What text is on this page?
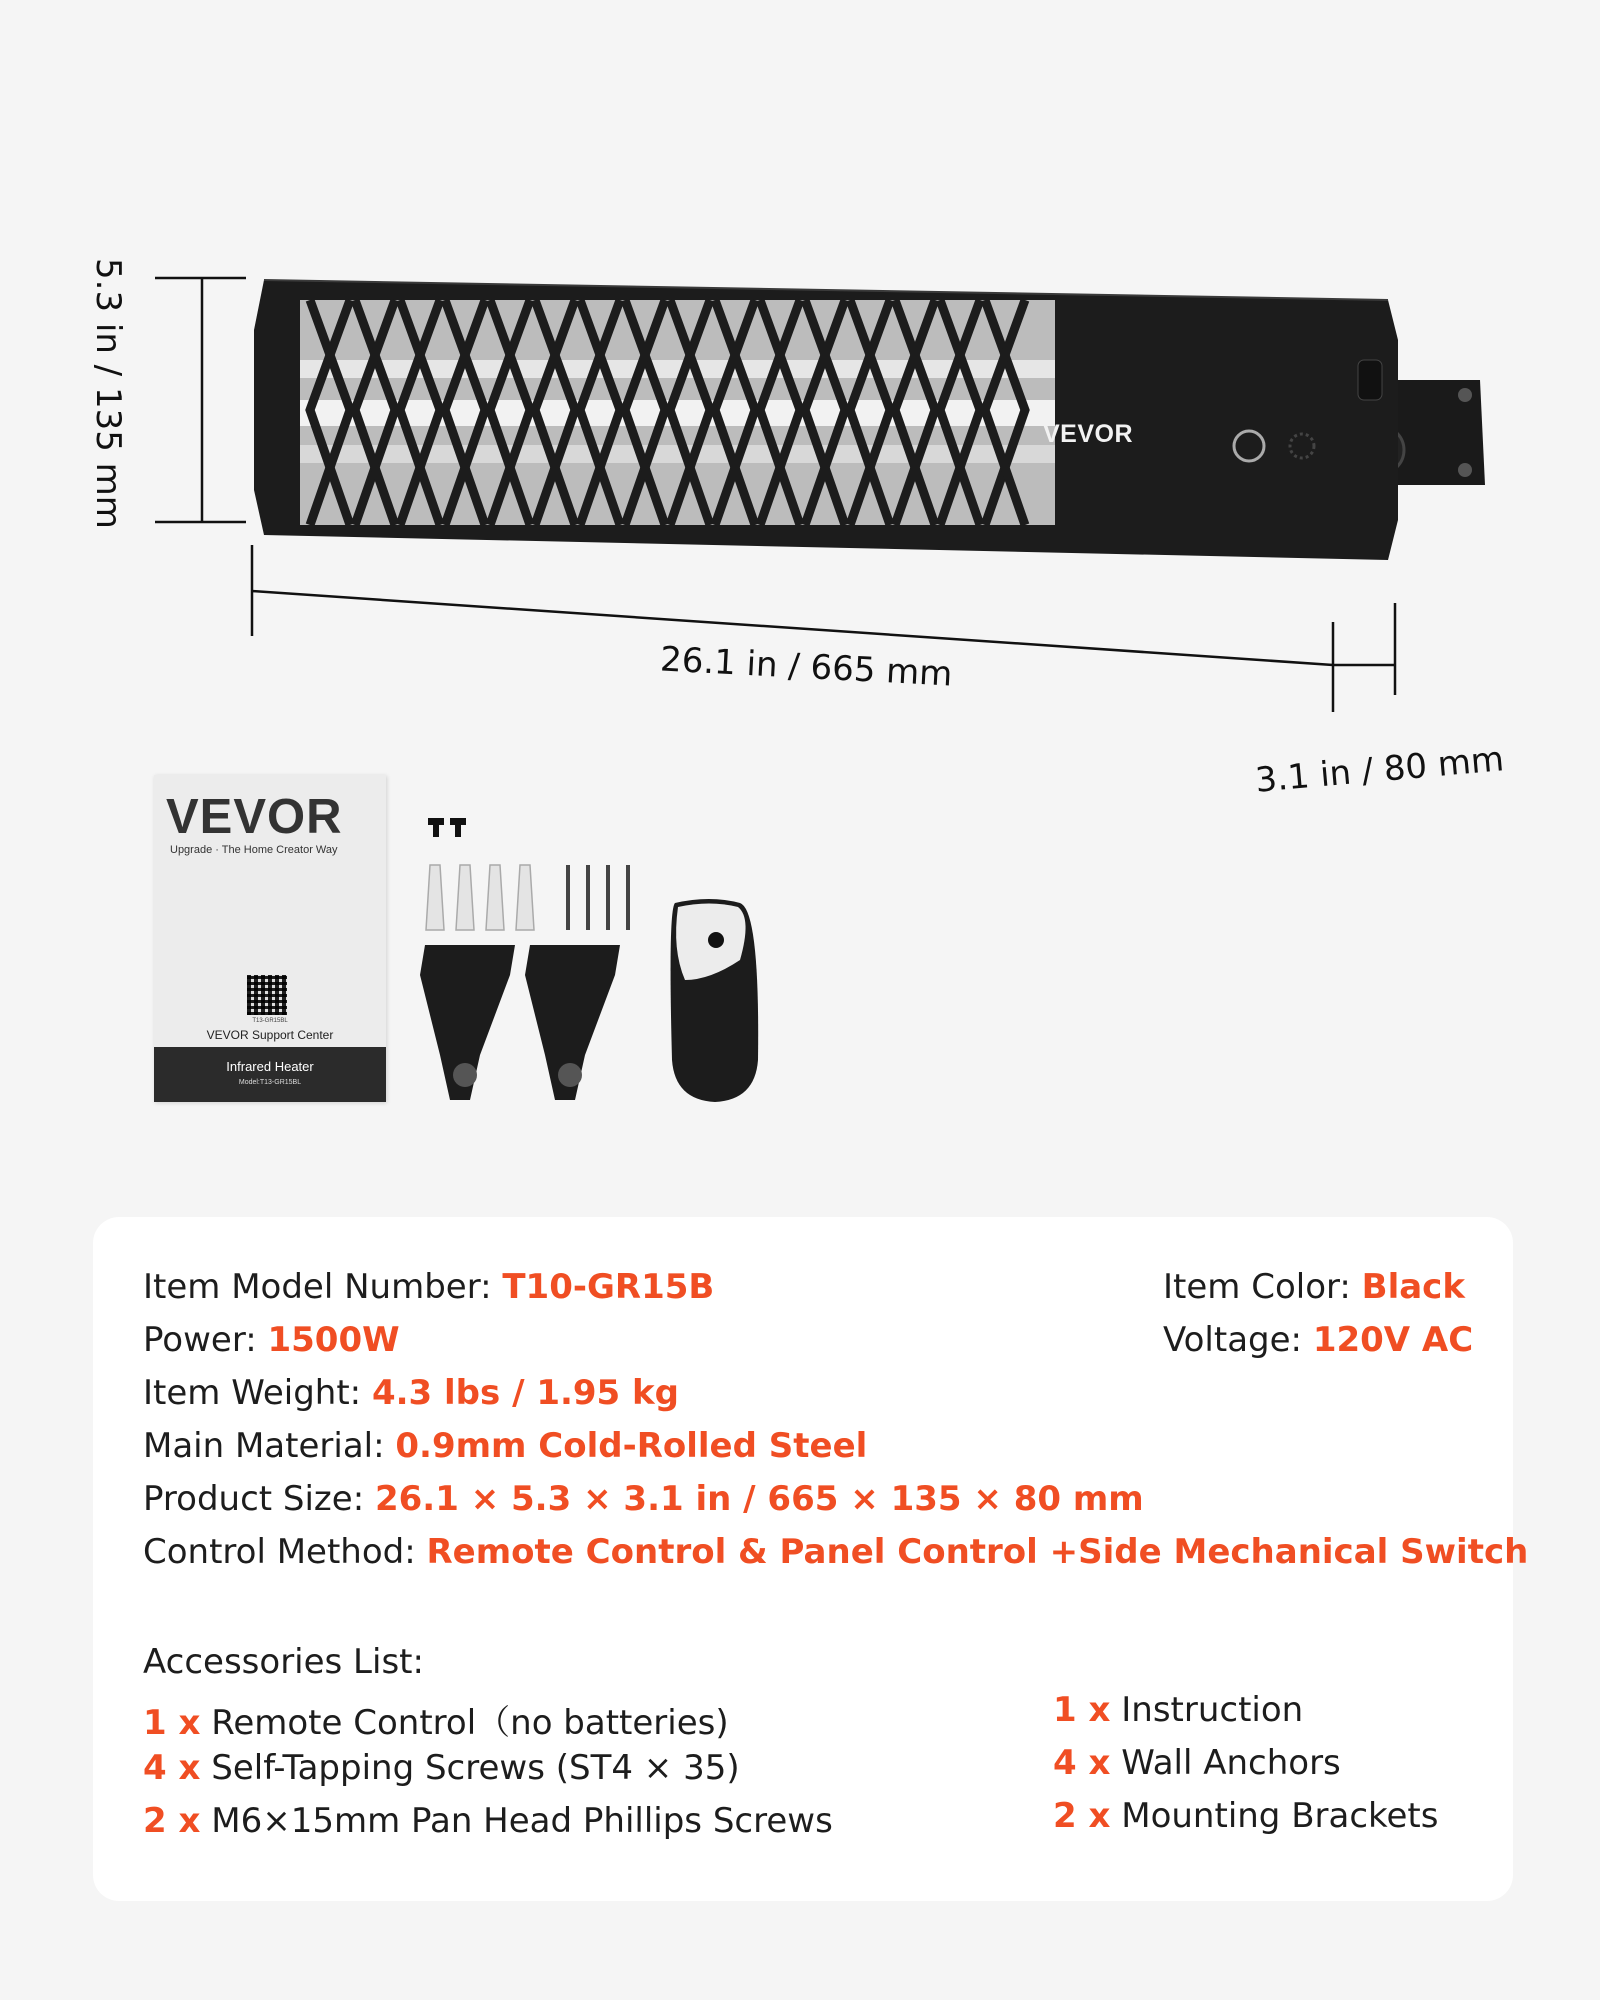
5.3 in / 135 mm
26.1 in / 665 mm
3.1 in / 80 mm
VEVOR
VEVOR
Upgrade · The Home Creator Way
T13-GR15BL
VEVOR Support Center
Infrared Heater
Model:T13-GR15BL
Item Model Number: T10-GR15B	Item Color: Black
Power: 1500W	Voltage: 120V AC
Item Weight: 4.3 lbs / 1.95 kg
Main Material: 0.9mm Cold-Rolled Steel
Product Size: 26.1 × 5.3 × 3.1 in / 665 × 135 × 80 mm
Control Method: Remote Control & Panel Control +Side Mechanical Switch
Accessories List:
1 x Remote Control（no batteries)
4 x Self-Tapping Screws (ST4 × 35)
2 x M6×15mm Pan Head Phillips Screws
1 x Instruction
4 x Wall Anchors
2 x Mounting Brackets
